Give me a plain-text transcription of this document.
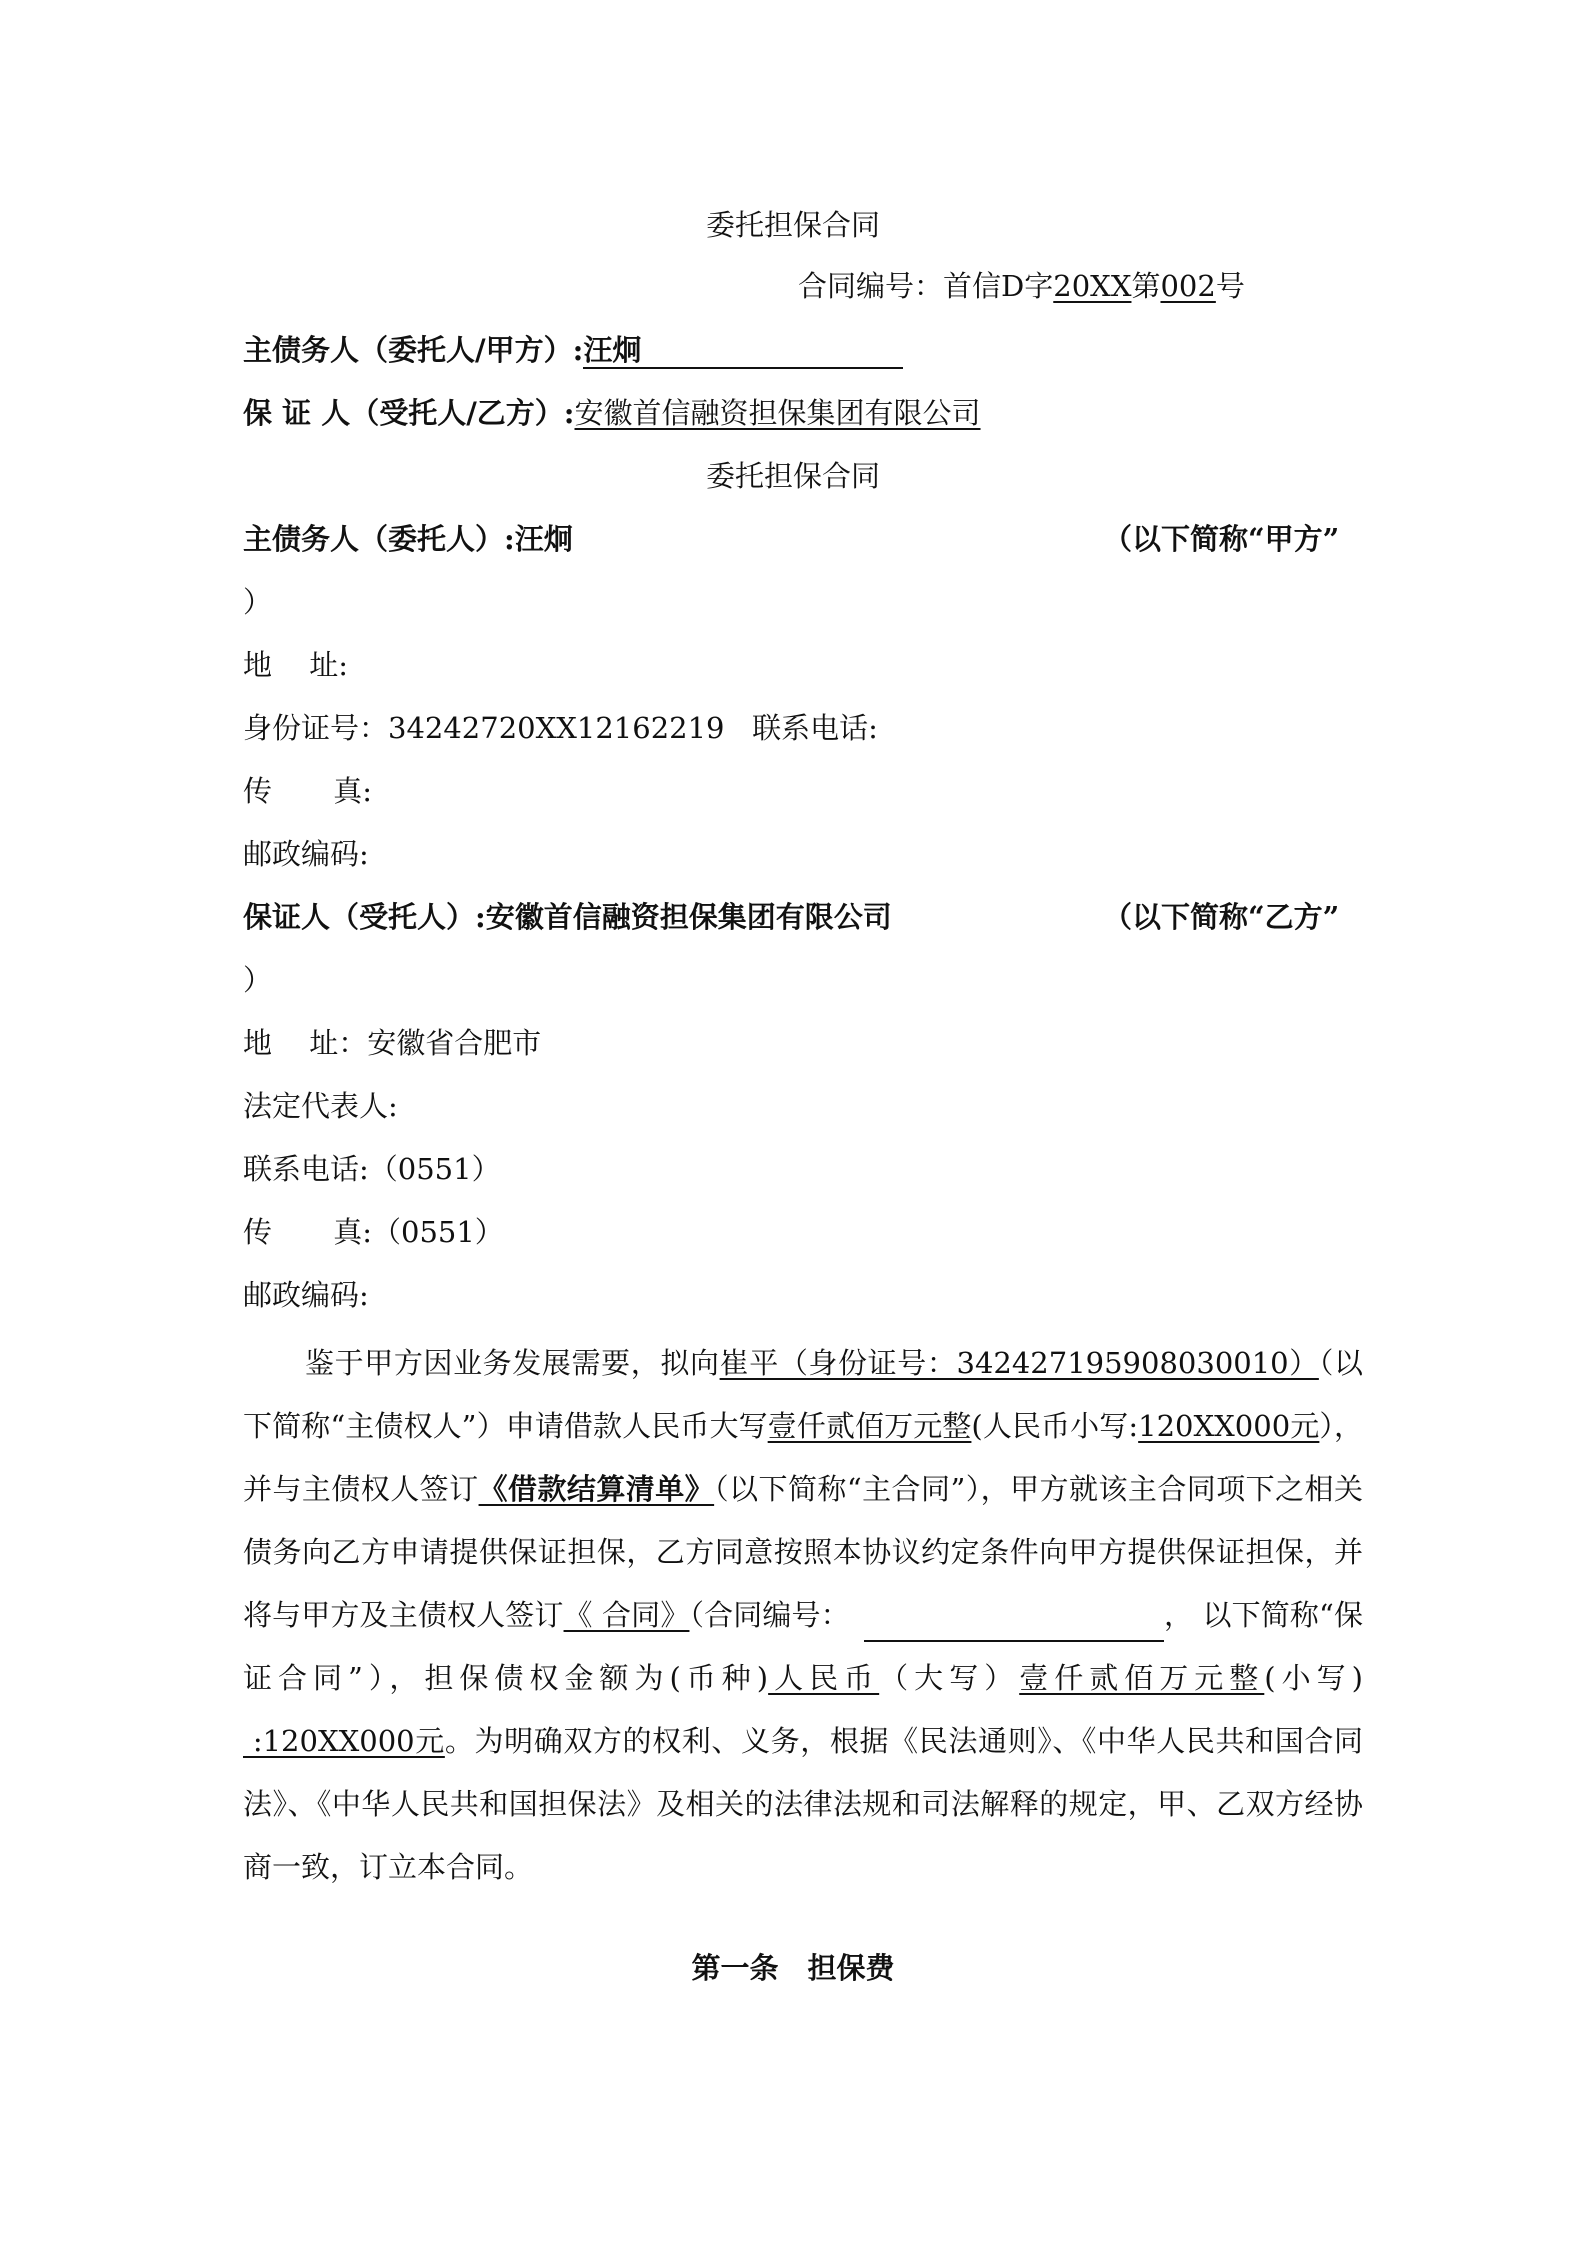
委托担保合同
合同编号：首信D字20XX第002号
主债务人（委托人/甲方）:汪炯
保 证 人（受托人/乙方）:安徽首信融资担保集团有限公司
委托担保合同
主债务人（委托人）:汪炯	（以下简称“甲方”
）
地 址:
身份证号：34242720XX12162219   联系电话:
传 真:
邮政编码:
保证人（受托人）:安徽首信融资担保集团有限公司	（以下简称“乙方”
）
地 址：安徽省合肥市
法定代表人:
联系电话:（0551）
传 真:（0551）
邮政编码:
鉴于甲方因业务发展需要，拟向崔平（身份证号：342427195908030010）（以下简称“主债权人”）申请借款人民币大写壹仟贰佰万元整(人民币小写:120XX000元），并与主债权人签订《借款结算清单》（以下简称“主合同”），甲方就该主合同项下之相关债务向乙方申请提供保证担保，乙方同意按照本协议约定条件向甲方提供保证担保，并将与甲方及主债权人签订《 合同》（合同编号：	， 以下简称“保证合同”），担保债权金额为(币种)人民币（大写）壹仟贰佰万元整(小写) :120XX000元。为明确双方的权利、义务，根据《民法通则》、《中华人民共和国合同法》、《中华人民共和国担保法》及相关的法律法规和司法解释的规定，甲、乙双方经协商一致，订立本合同。
第一条　担保费
